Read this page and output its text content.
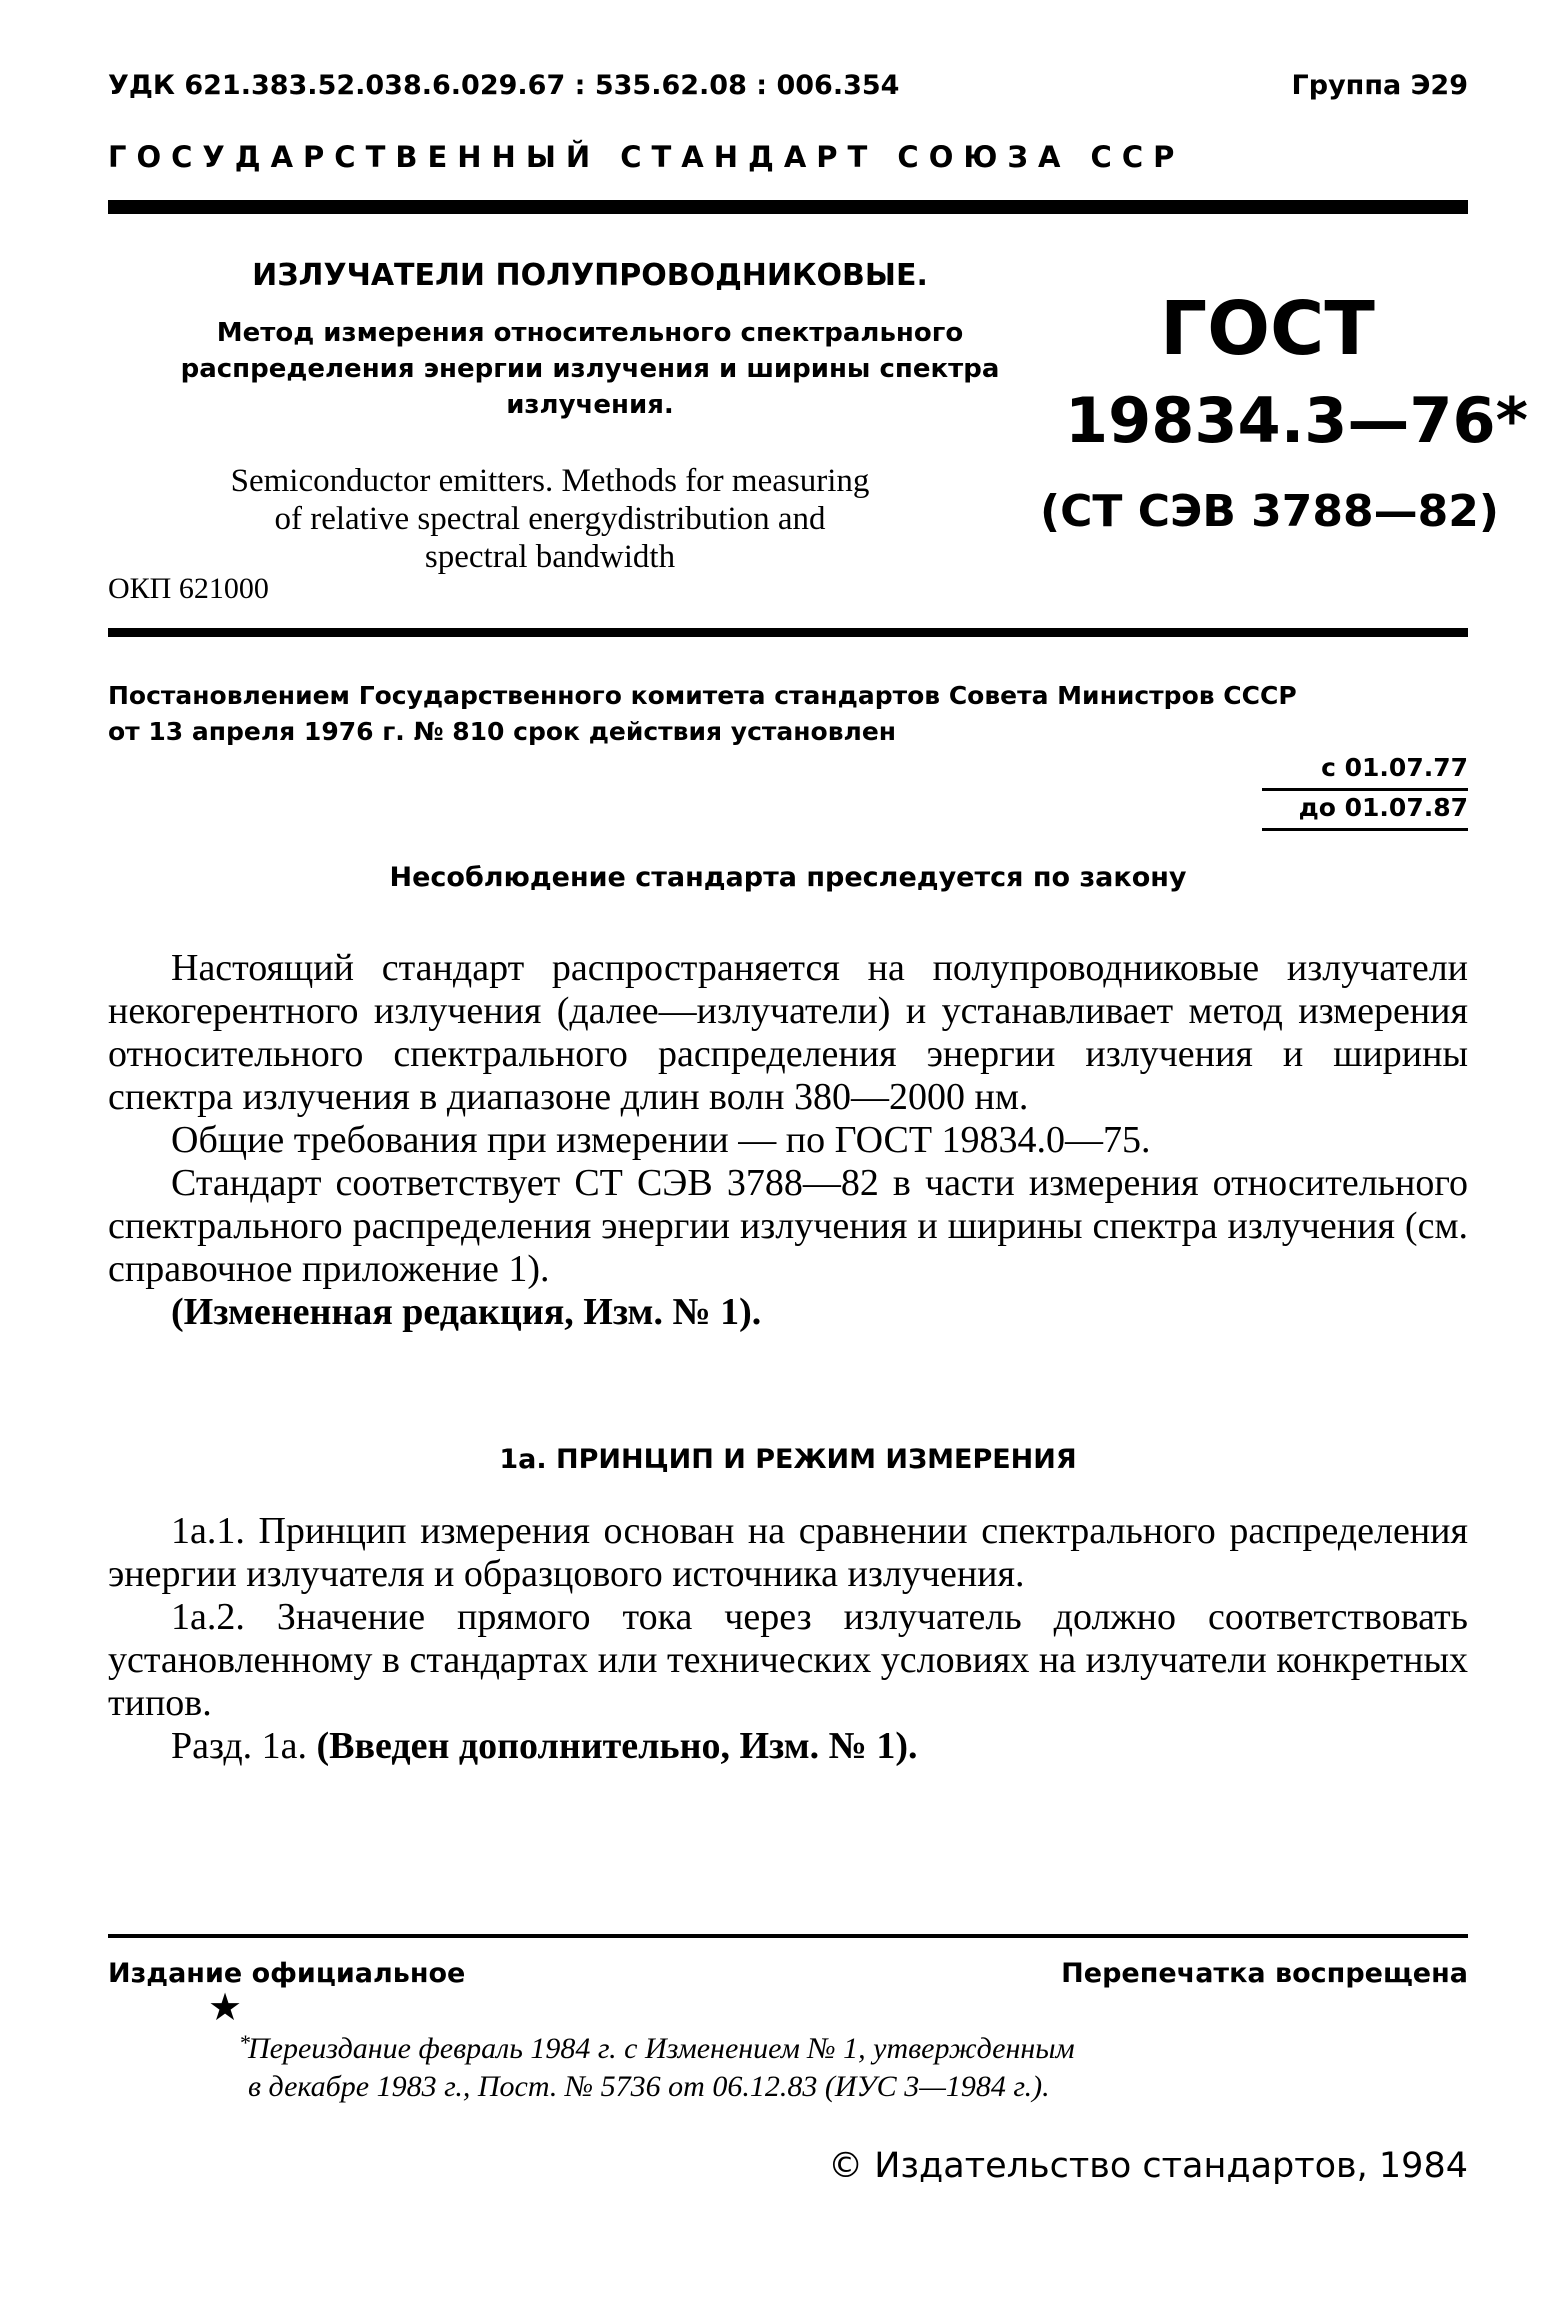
УДК 621.383.52.038.6.029.67 : 535.62.08 : 006.354	Группа Э29
ГОСУДАРСТВЕННЫЙ СТАНДАРТ СОЮЗА ССР
ИЗЛУЧАТЕЛИ ПОЛУПРОВОДНИКОВЫЕ.
Метод измерения относительного спектрального
распределения энергии излучения и ширины спектра
излучения.
Semiconductor emitters. Methods for measuring
of relative spectral energydistribution and
spectral bandwidth
ОКП 621000
ГОСТ
19834.3—76*
(СТ СЭВ 3788—82)
Постановлением Государственного комитета стандартов Совета Министров СССР
от 13 апреля 1976 г. № 810 срок действия установлен
с 01.07.77
до 01.07.87
Несоблюдение стандарта преследуется по закону

Настоящий стандарт распространяется на полупроводниковые излучатели некогерентного излучения (далее—излучатели) и устанавливает метод измерения относительного спектрального распределения энергии излучения и ширины спектра излучения в диапазоне длин волн 380—2000 нм.

Общие требования при измерении — по ГОСТ 19834.0—75.

Стандарт соответствует СТ СЭВ 3788—82 в части измерения относительного спектрального распределения энергии излучения и ширины спектра излучения (см. справочное приложение 1).

(Измененная редакция, Изм. № 1).

1а. ПРИНЦИП И РЕЖИМ ИЗМЕРЕНИЯ

1а.1. Принцип измерения основан на сравнении спектрального распределения энергии излучателя и образцового источника излучения.

1а.2. Значение прямого тока через излучатель должно соответствовать установленному в стандартах или технических условиях на излучатели конкретных типов.

Разд. 1а. (Введен дополнительно, Изм. № 1).

Издание официальное	Перепечатка воспрещена
★
*
Переиздание февраль 1984 г. с Изменением № 1, утвержденным
в декабре 1983 г., Пост. № 5736 от 06.12.83 (ИУС 3—1984 г.).
© Издательство стандартов, 1984
